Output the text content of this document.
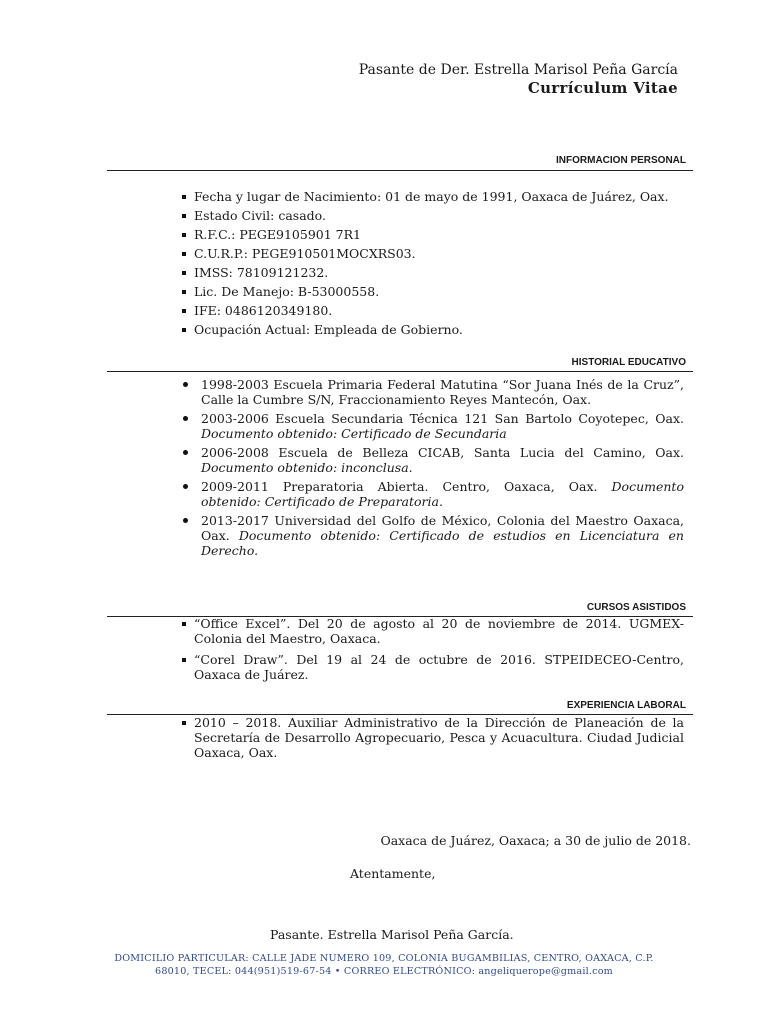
Pasante de Der. Estrella Marisol Peña García
Currículum Vitae
INFORMACION PERSONAL
Fecha y lugar de Nacimiento: 01 de mayo de 1991, Oaxaca de Juárez, Oax.
Estado Civil: casado.
R.F.C.: PEGE9105901 7R1
C.U.R.P.: PEGE910501MOCXRS03.
IMSS: 78109121232.
Lic. De Manejo: B-53000558.
IFE: 0486120349180.
Ocupación Actual: Empleada de Gobierno.
HISTORIAL EDUCATIVO
1998-2003 Escuela Primaria Federal Matutina “Sor Juana Inés de la Cruz”, Calle la Cumbre S/N, Fraccionamiento Reyes Mantecón, Oax.
2003-2006 Escuela Secundaria Técnica 121 San Bartolo Coyotepec, Oax. Documento obtenido: Certificado de Secundaria
2006-2008 Escuela de Belleza CICAB, Santa Lucia del Camino, Oax. Documento obtenido: inconclusa.
2009-2011 Preparatoria Abierta. Centro, Oaxaca, Oax. Documento obtenido: Certificado de Preparatoria.
2013-2017 Universidad del Golfo de México, Colonia del Maestro Oaxaca, Oax. Documento obtenido: Certificado de estudios en Licenciatura en Derecho.
CURSOS ASISTIDOS
“Office Excel”. Del 20 de agosto al 20 de noviembre de 2014. UGMEX-Colonia del Maestro, Oaxaca.
“Corel Draw”. Del 19 al 24 de octubre de 2016. STPEIDECEO-Centro, Oaxaca de Juárez.
EXPERIENCIA LABORAL
2010 – 2018. Auxiliar Administrativo de la Dirección de Planeación de la Secretaría de Desarrollo Agropecuario, Pesca y Acuacultura. Ciudad Judicial Oaxaca, Oax.
Oaxaca de Juárez, Oaxaca; a 30 de julio de 2018.
Atentamente,
Pasante. Estrella Marisol Peña García.
DOMICILIO PARTICULAR: CALLE JADE NUMERO 109, COLONIA BUGAMBILIAS, CENTRO, OAXACA, C.P.
68010, TECEL: 044(951)519-67-54 • CORREO ELECTRÓNICO: angeliquerope@gmail.com
